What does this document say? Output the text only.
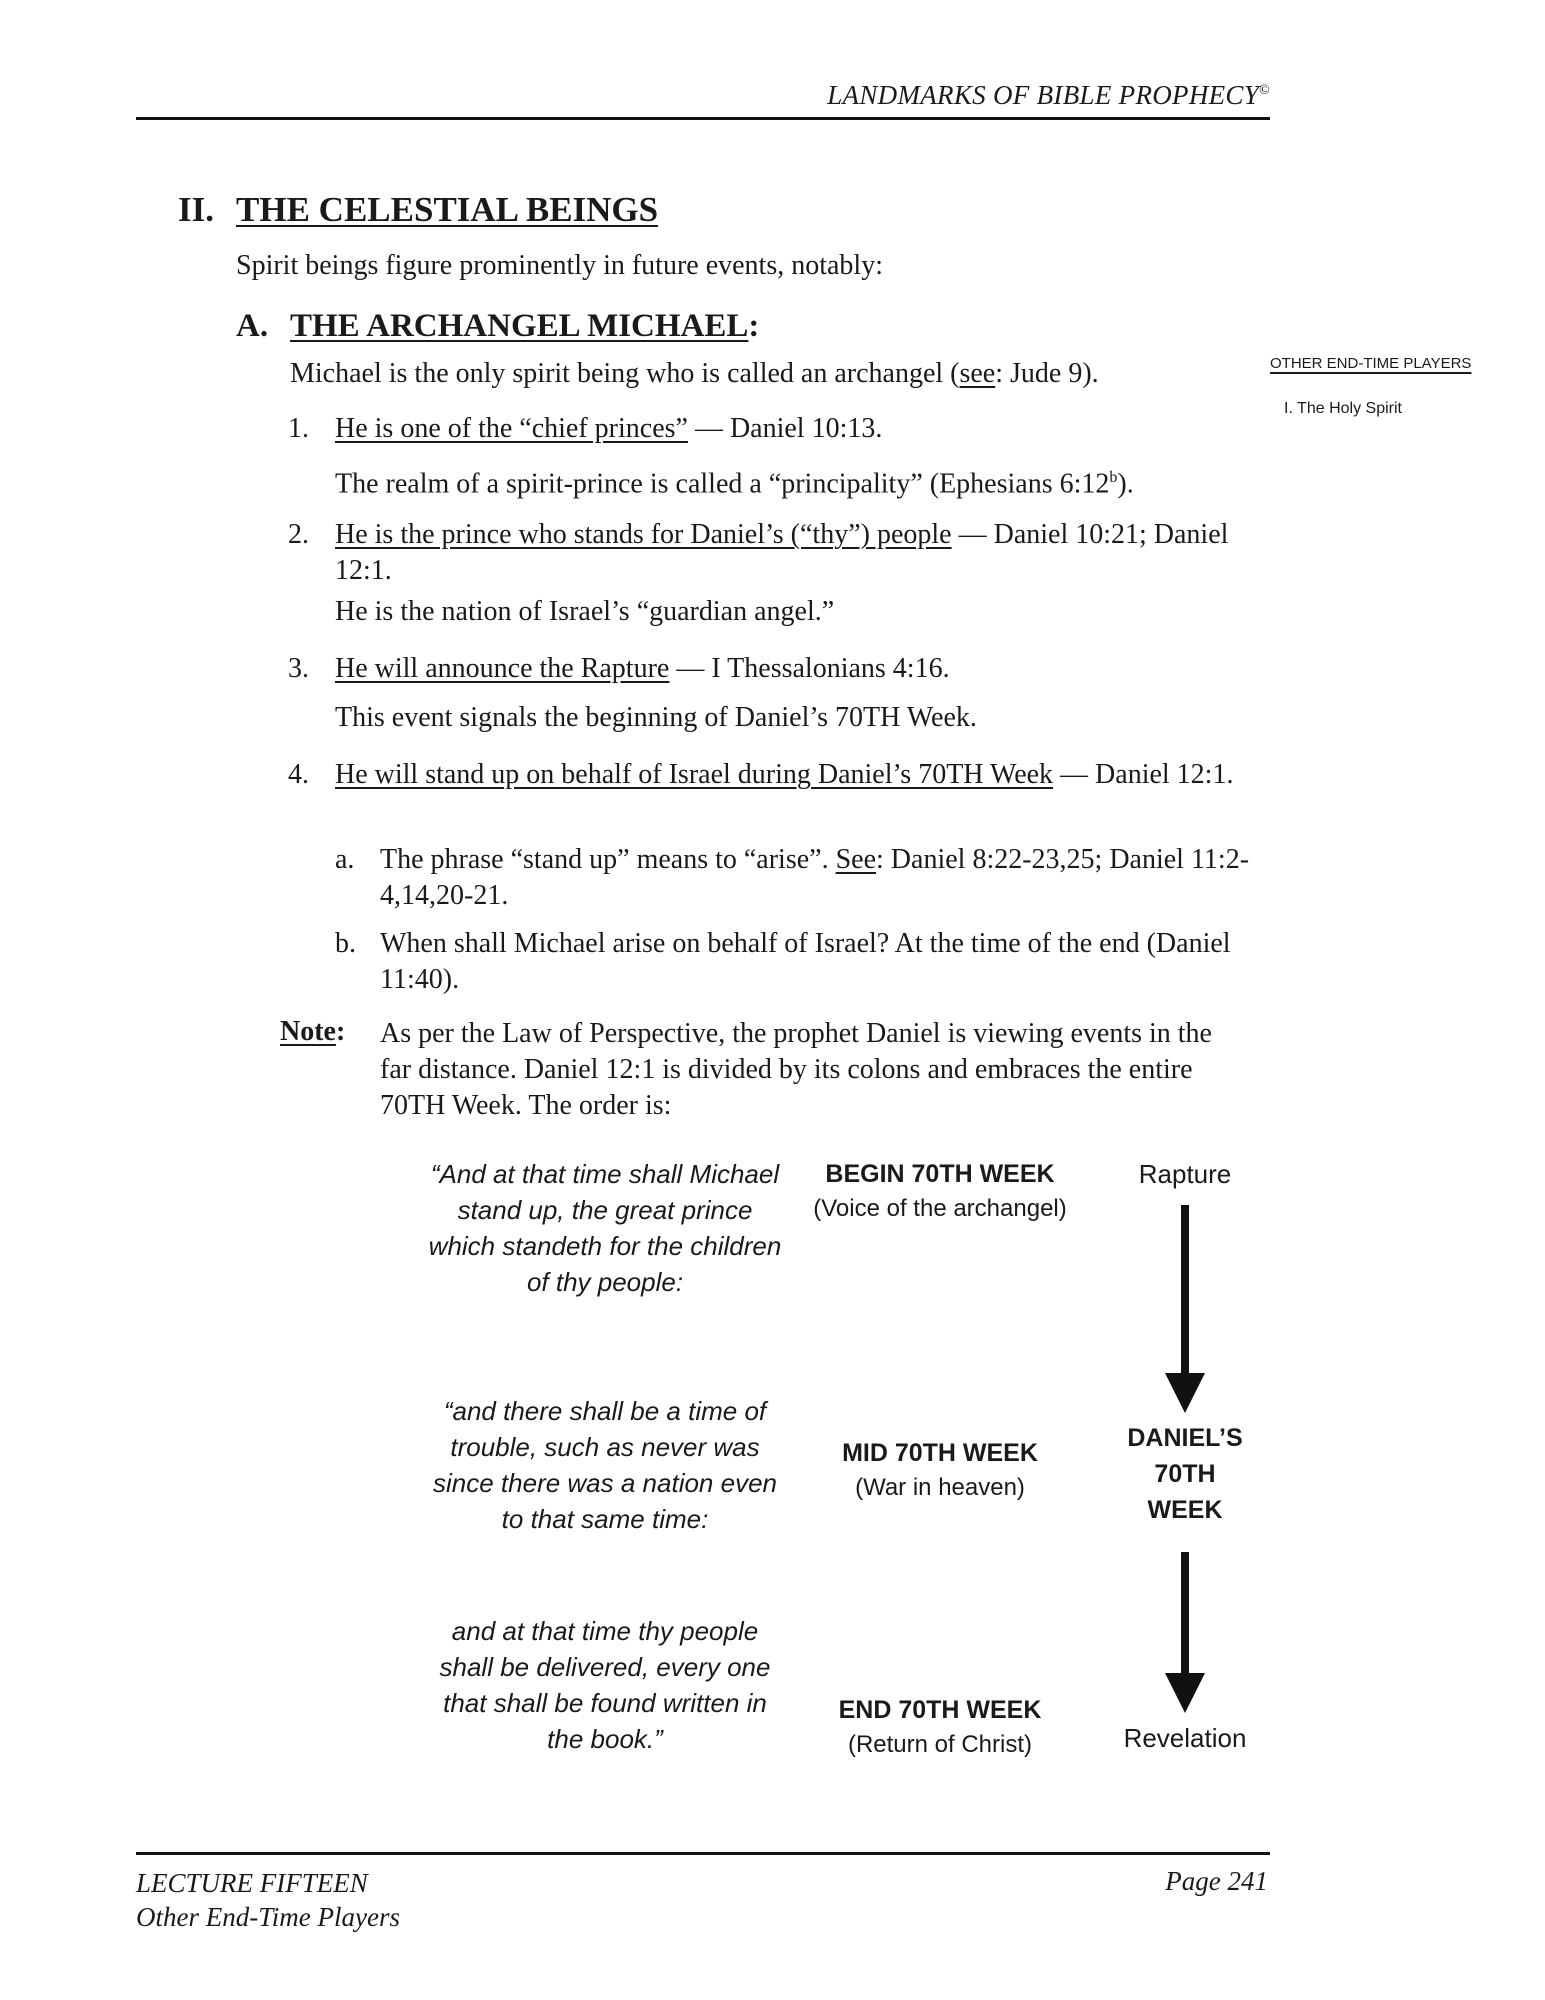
LANDMARKS OF BIBLE PROPHECY©
II. THE CELESTIAL BEINGS
Spirit beings figure prominently in future events, notably:
A. THE ARCHANGEL MICHAEL:
Michael is the only spirit being who is called an archangel (see: Jude 9).
1. He is one of the “chief princes” — Daniel 10:13.
The realm of a spirit-prince is called a “principality” (Ephesians 6:12$^b$).
2. He is the prince who stands for Daniel’s (“thy”) people — Daniel 10:21; Daniel 12:1.
He is the nation of Israel’s “guardian angel.”
3. He will announce the Rapture — I Thessalonians 4:16.
This event signals the beginning of Daniel’s 70TH Week.
4. He will stand up on behalf of Israel during Daniel’s 70TH Week — Daniel 12:1.
a. The phrase “stand up” means to “arise”. See: Daniel 8:22-23,25; Daniel 11:2-4,14,20-21.
b. When shall Michael arise on behalf of Israel? At the time of the end (Daniel 11:40).
Note: As per the Law of Perspective, the prophet Daniel is viewing events in the far distance. Daniel 12:1 is divided by its colons and embraces the entire 70TH Week. The order is:
OTHER END-TIME PLAYERS
I. The Holy Spirit
“And at that time shall Michael stand up, the great prince which standeth for the children of thy people:
“and there shall be a time of trouble, such as never was since there was a nation even to that same time:
and at that time thy people shall be delivered, every one that shall be found written in the book.”
BEGIN 70TH WEEK
(Voice of the archangel)
MID 70TH WEEK
(War in heaven)
END 70TH WEEK
(Return of Christ)
Rapture
DANIEL’S
70TH
WEEK
Revelation
LECTURE FIFTEEN
Other End-Time Players
Page 241
